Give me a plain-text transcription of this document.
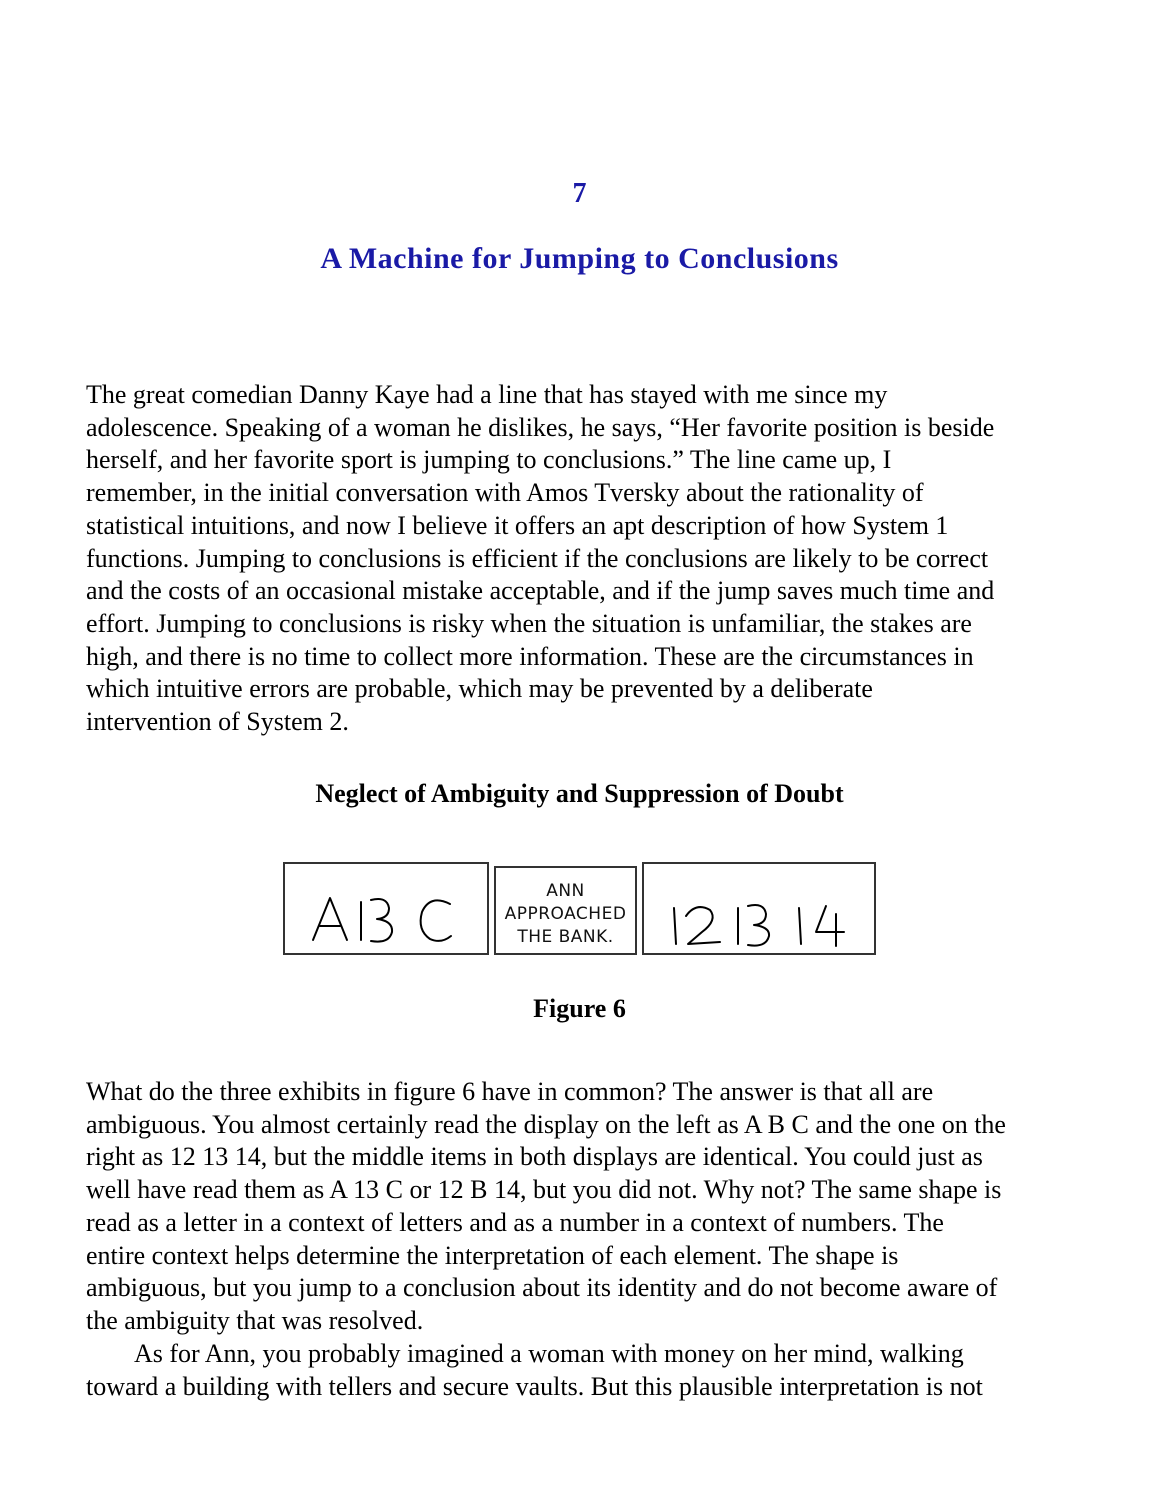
7
A Machine for Jumping to Conclusions
The great comedian Danny Kaye had a line that has stayed with me since my
adolescence. Speaking of a woman he dislikes, he says, “Her favorite position is beside
herself, and her favorite sport is jumping to conclusions.” The line came up, I
remember, in the initial conversation with Amos Tversky about the rationality of
statistical intuitions, and now I believe it offers an apt description of how System 1
functions. Jumping to conclusions is efficient if the conclusions are likely to be correct
and the costs of an occasional mistake acceptable, and if the jump saves much time and
effort. Jumping to conclusions is risky when the situation is unfamiliar, the stakes are
high, and there is no time to collect more information. These are the circumstances in
which intuitive errors are probable, which may be prevented by a deliberate
intervention of System 2.
Neglect of Ambiguity and Suppression of Doubt
ANN
APPROACHED
THE BANK.
Figure 6
What do the three exhibits in figure 6 have in common? The answer is that all are
ambiguous. You almost certainly read the display on the left as A B C and the one on the
right as 12 13 14, but the middle items in both displays are identical. You could just as
well have read them as A 13 C or 12 B 14, but you did not. Why not? The same shape is
read as a letter in a context of letters and as a number in a context of numbers. The
entire context helps determine the interpretation of each element. The shape is
ambiguous, but you jump to a conclusion about its identity and do not become aware of
the ambiguity that was resolved.
As for Ann, you probably imagined a woman with money on her mind, walking
toward a building with tellers and secure vaults. But this plausible interpretation is not
